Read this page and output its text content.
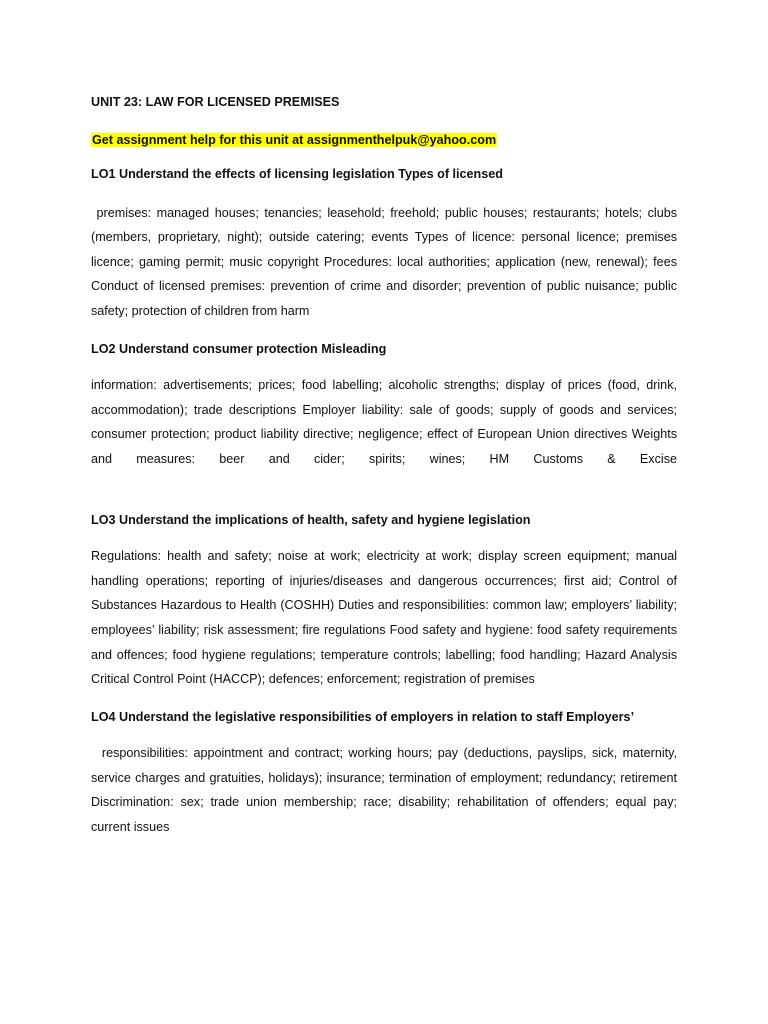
UNIT 23: LAW FOR LICENSED PREMISES

Get assignment help for this unit at assignmenthelpuk@yahoo.com

LO1 Understand the effects of licensing legislation Types of licensed

premises: managed houses; tenancies; leasehold; freehold; public houses; restaurants; hotels; clubs (members, proprietary, night); outside catering; events Types of licence: personal licence; premises licence; gaming permit; music copyright Procedures: local authorities; application (new, renewal); fees Conduct of licensed premises: prevention of crime and disorder; prevention of public nuisance; public safety; protection of children from harm

LO2 Understand consumer protection Misleading

information: advertisements; prices; food labelling; alcoholic strengths; display of prices (food, drink, accommodation); trade descriptions Employer liability: sale of goods; supply of goods and services; consumer protection; product liability directive; negligence; effect of European Union directives Weights and measures: beer and cider; spirits; wines; HM Customs & Excise

LO3 Understand the implications of health, safety and hygiene legislation

Regulations: health and safety; noise at work; electricity at work; display screen equipment; manual handling operations; reporting of injuries/diseases and dangerous occurrences; first aid; Control of Substances Hazardous to Health (COSHH) Duties and responsibilities: common law; employers’ liability; employees’ liability; risk assessment; fire regulations Food safety and hygiene: food safety requirements and offences; food hygiene regulations; temperature controls; labelling; food handling; Hazard Analysis Critical Control Point (HACCP); defences; enforcement; registration of premises

LO4 Understand the legislative responsibilities of employers in relation to staff Employers’

responsibilities: appointment and contract; working hours; pay (deductions, payslips, sick, maternity, service charges and gratuities, holidays); insurance; termination of employment; redundancy; retirement Discrimination: sex; trade union membership; race; disability; rehabilitation of offenders; equal pay; current issues
